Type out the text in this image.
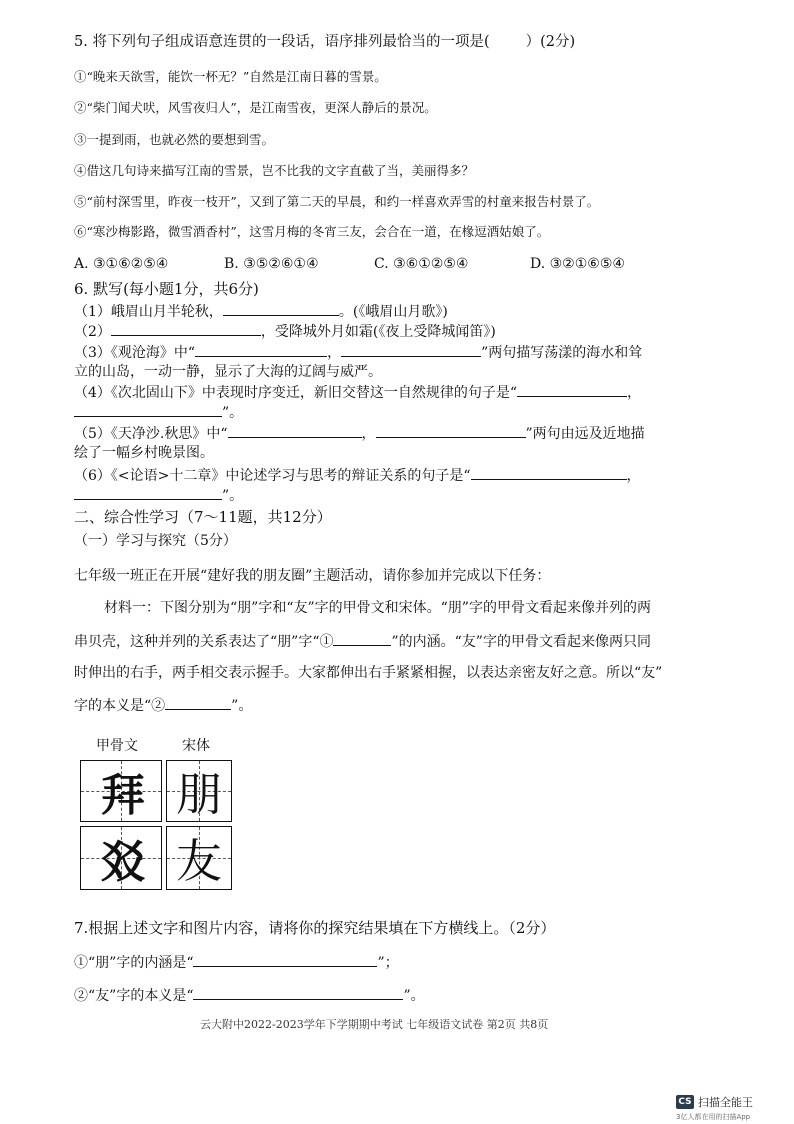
5. 将下列句子组成语意连贯的一段话，语序排列最恰当的一项是( ）(2分)
①“晚来天欲雪，能饮一杯无？”自然是江南日暮的雪景。
②“柴门闻犬吠，风雪夜归人”，是江南雪夜，更深人静后的景况。
③一提到雨，也就必然的要想到雪。
④借这几句诗来描写江南的雪景，岂不比我的文字直截了当，美丽得多？
⑤“前村深雪里，昨夜一枝开”，又到了第二天的早晨，和约一样喜欢弄雪的村童来报告村景了。
⑥“寒沙梅影路，微雪酒香村”，这雪月梅的冬宵三友，会合在一道，在椽逗酒姑娘了。
A. ③①⑥②⑤④	B. ③⑤②⑥①④	C. ③⑥①②⑤④	D. ③②①⑥⑤④
6. 默写(每小题1分，共6分)
（1）峨眉山月半轮秋，	。(《峨眉山月歌》)
（2）	，受降城外月如霜(《夜上受降城闻笛》)
（3）《观沧海》中“	，	”两句描写荡漾的海水和耸
立的山岛，一动一静，显示了大海的辽阔与威严。
（4）《次北固山下》中表现时序变迁，新旧交替这一自然规律的句子是“	，
”。
（5）《天净沙.秋思》中“	，	”两句由远及近地描
绘了一幅乡村晚景图。
（6）《<论语>十二章》中论述学习与思考的辩证关系的句子是“	，
”。
二、综合性学习（7～11题，共12分）
（一）学习与探究（5分）
七年级一班正在开展“建好我的朋友圈”主题活动，请你参加并完成以下任务：
材料一：下图分别为“朋”字和“友”字的甲骨文和宋体。“朋”字的甲骨文看起来像并列的两
串贝壳，这种并列的关系表达了“朋”字“①	”的内涵。“友”字的甲骨文看起来像两只同
时伸出的右手，两手相交表示握手。大家都伸出右手紧紧相握，以表达亲密友好之意。所以“友”
字的本义是“②	”。
甲骨文	宋体
拜 朋
㸚 友
7.根据上述文字和图片内容，请将你的探究结果填在下方横线上。（2分）
①“朋”字的内涵是“	”；
②“友”字的本义是“	”。
云大附中2022-2023学年下学期期中考试 七年级语文试卷 第2页 共8页
CS 扫描全能王
3亿人都在用的扫描App
